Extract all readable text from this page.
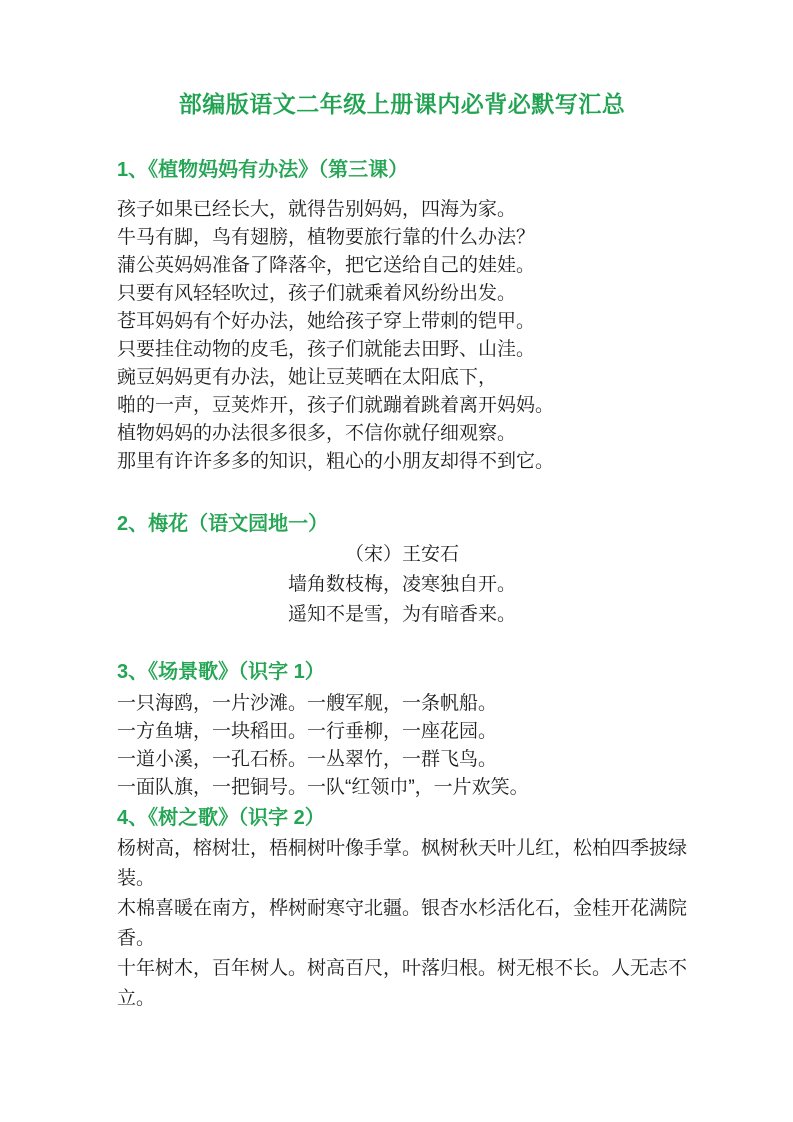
部编版语文二年级上册课内必背必默写汇总
1、《植物妈妈有办法》（第三课）
孩子如果已经长大，就得告别妈妈，四海为家。
牛马有脚，鸟有翅膀，植物要旅行靠的什么办法？
蒲公英妈妈准备了降落伞，把它送给自己的娃娃。
只要有风轻轻吹过，孩子们就乘着风纷纷出发。
苍耳妈妈有个好办法，她给孩子穿上带刺的铠甲。
只要挂住动物的皮毛，孩子们就能去田野、山洼。
豌豆妈妈更有办法，她让豆荚晒在太阳底下，
啪的一声，豆荚炸开，孩子们就蹦着跳着离开妈妈。
植物妈妈的办法很多很多，不信你就仔细观察。
那里有许许多多的知识，粗心的小朋友却得不到它。
2、梅花（语文园地一）
（宋）王安石
墙角数枝梅，凌寒独自开。
遥知不是雪，为有暗香来。
3、《场景歌》（识字 1）
一只海鸥，一片沙滩。一艘军舰，一条帆船。
一方鱼塘，一块稻田。一行垂柳，一座花园。
一道小溪，一孔石桥。一丛翠竹，一群飞鸟。
一面队旗，一把铜号。一队“红领巾”，一片欢笑。
4、《树之歌》（识字 2）

杨树高，榕树壮，梧桐树叶像手掌。枫树秋天叶儿红，松柏四季披绿装。

木棉喜暖在南方，桦树耐寒守北疆。银杏水杉活化石，金桂开花满院香。

十年树木，百年树人。树高百尺，叶落归根。树无根不长。人无志不立。
